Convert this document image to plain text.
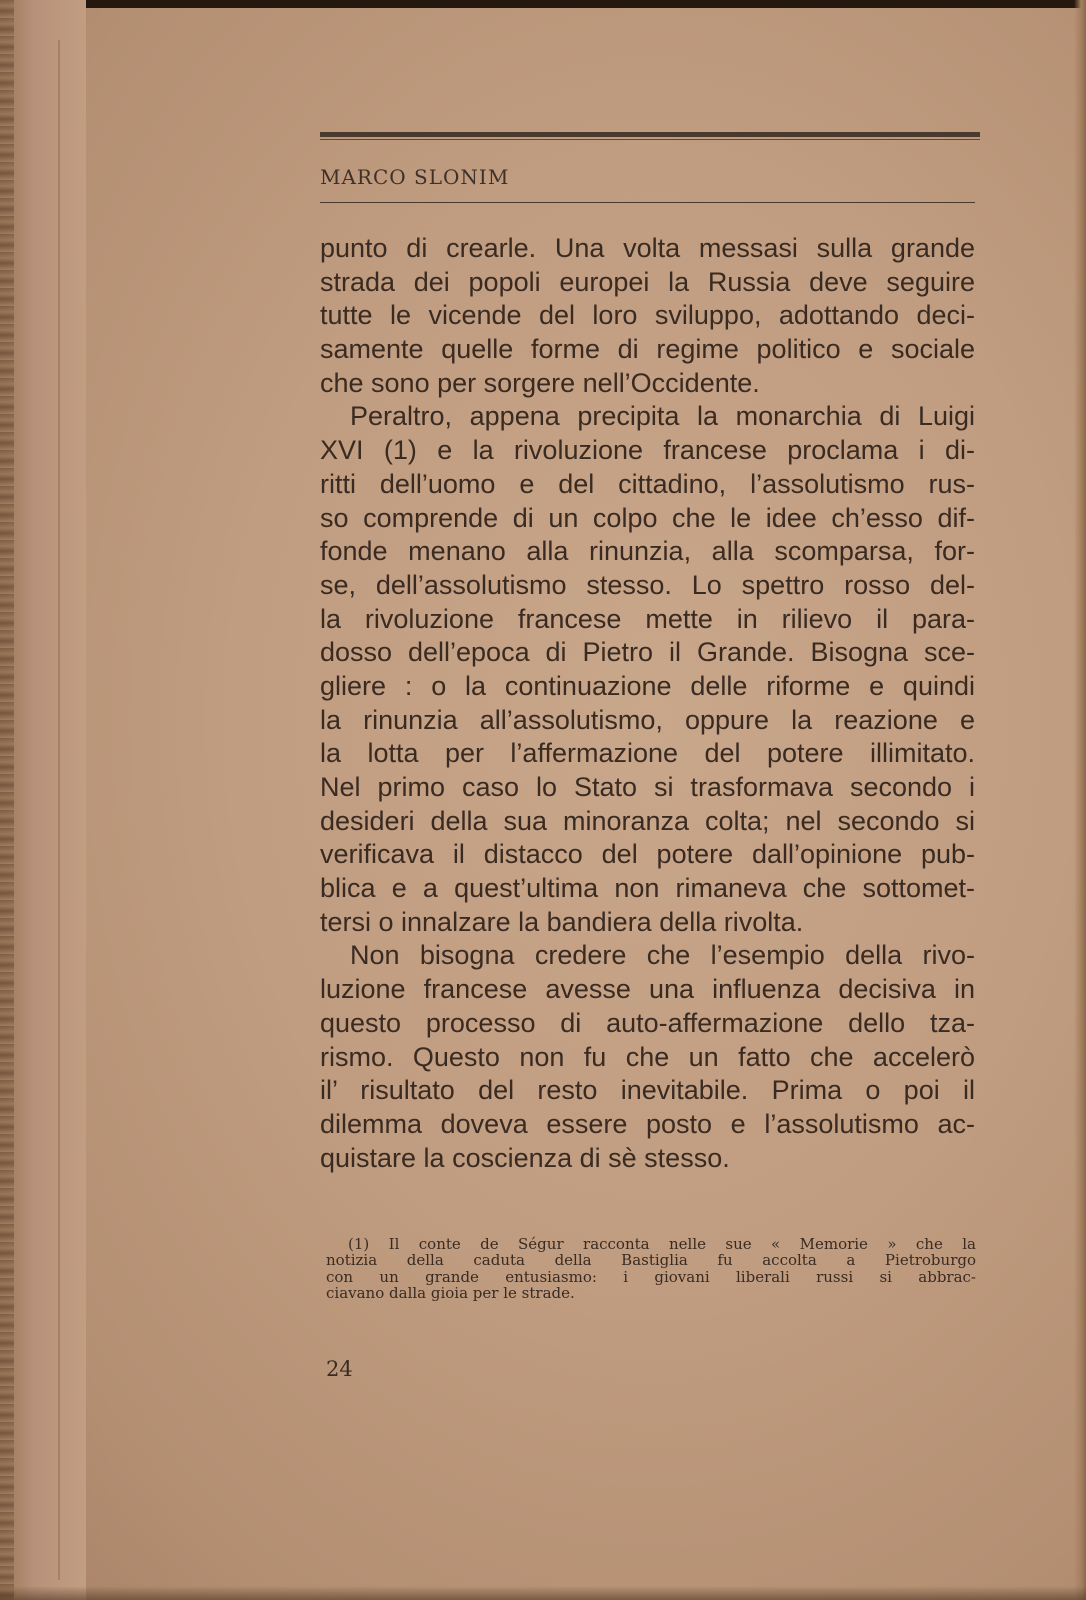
MARCO SLONIM
punto di crearle. Una volta messasi sulla grande
strada dei popoli europei la Russia deve seguire
tutte le vicende del loro sviluppo, adottando deci-
samente quelle forme di regime politico e sociale
che sono per sorgere nell’Occidente.
Peraltro, appena precipita la monarchia di Luigi
XVI (1) e la rivoluzione francese proclama i di-
ritti dell’uomo e del cittadino, l’assolutismo rus-
so comprende di un colpo che le idee ch’esso dif-
fonde menano alla rinunzia, alla scomparsa, for-
se, dell’assolutismo stesso. Lo spettro rosso del-
la rivoluzione francese mette in rilievo il para-
dosso dell’epoca di Pietro il Grande. Bisogna sce-
gliere : o la continuazione delle riforme e quindi
la rinunzia all’assolutismo, oppure la reazione e
la lotta per l’affermazione del potere illimitato.
Nel primo caso lo Stato si trasformava secondo i
desideri della sua minoranza colta; nel secondo si
verificava il distacco del potere dall’opinione pub-
blica e a quest’ultima non rimaneva che sottomet-
tersi o innalzare la bandiera della rivolta.
Non bisogna credere che l’esempio della rivo-
luzione francese avesse una influenza decisiva in
questo processo di auto-affermazione dello tza-
rismo. Questo non fu che un fatto che accelerò
il’ risultato del resto inevitabile. Prima o poi il
dilemma doveva essere posto e l’assolutismo ac-
quistare la coscienza di sè stesso.
(1) Il conte de Ségur racconta nelle sue « Memorie » che la
notizia della caduta della Bastiglia fu accolta a Pietroburgo
con un grande entusiasmo: i giovani liberali russi si abbrac-
ciavano dalla gioia per le strade.
24
